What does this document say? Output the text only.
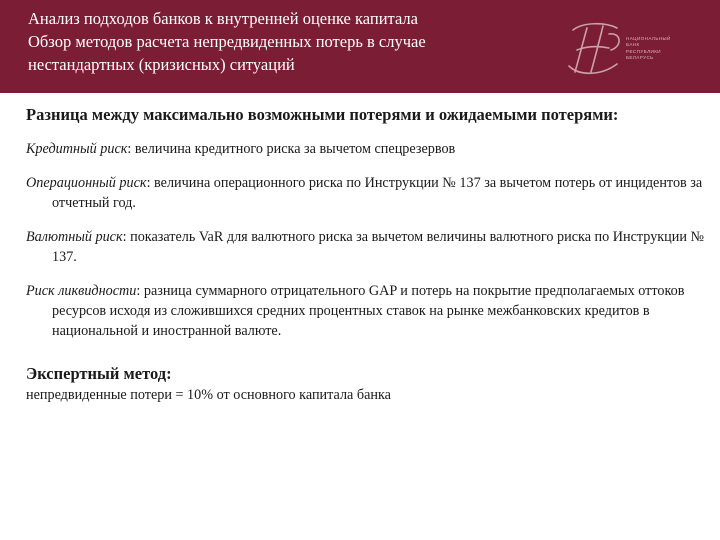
Анализ подходов банков к внутренней оценке капитала
Обзор методов расчета непредвиденных потерь в случае
нестандартных (кризисных) ситуаций
НАЦИОНАЛЬНЫЙ
БАНК
РЕСПУБЛИКИ
БЕЛАРУСЬ
Разница между максимально возможными потерями и ожидаемыми потерями:
Кредитный риск: величина кредитного риска за вычетом спецрезервов
Операционный риск: величина операционного риска по Инструкции № 137 за вычетом потерь от инцидентов за отчетный год.
Валютный риск: показатель VaR для валютного риска за вычетом величины валютного риска по Инструкции № 137.
Риск ликвидности: разница суммарного отрицательного GAP и потерь на покрытие предполагаемых оттоков ресурсов исходя из сложившихся средних процентных ставок на рынке межбанковских кредитов в национальной и иностранной валюте.
Экспертный метод:
непредвиденные потери = 10% от основного капитала банка
